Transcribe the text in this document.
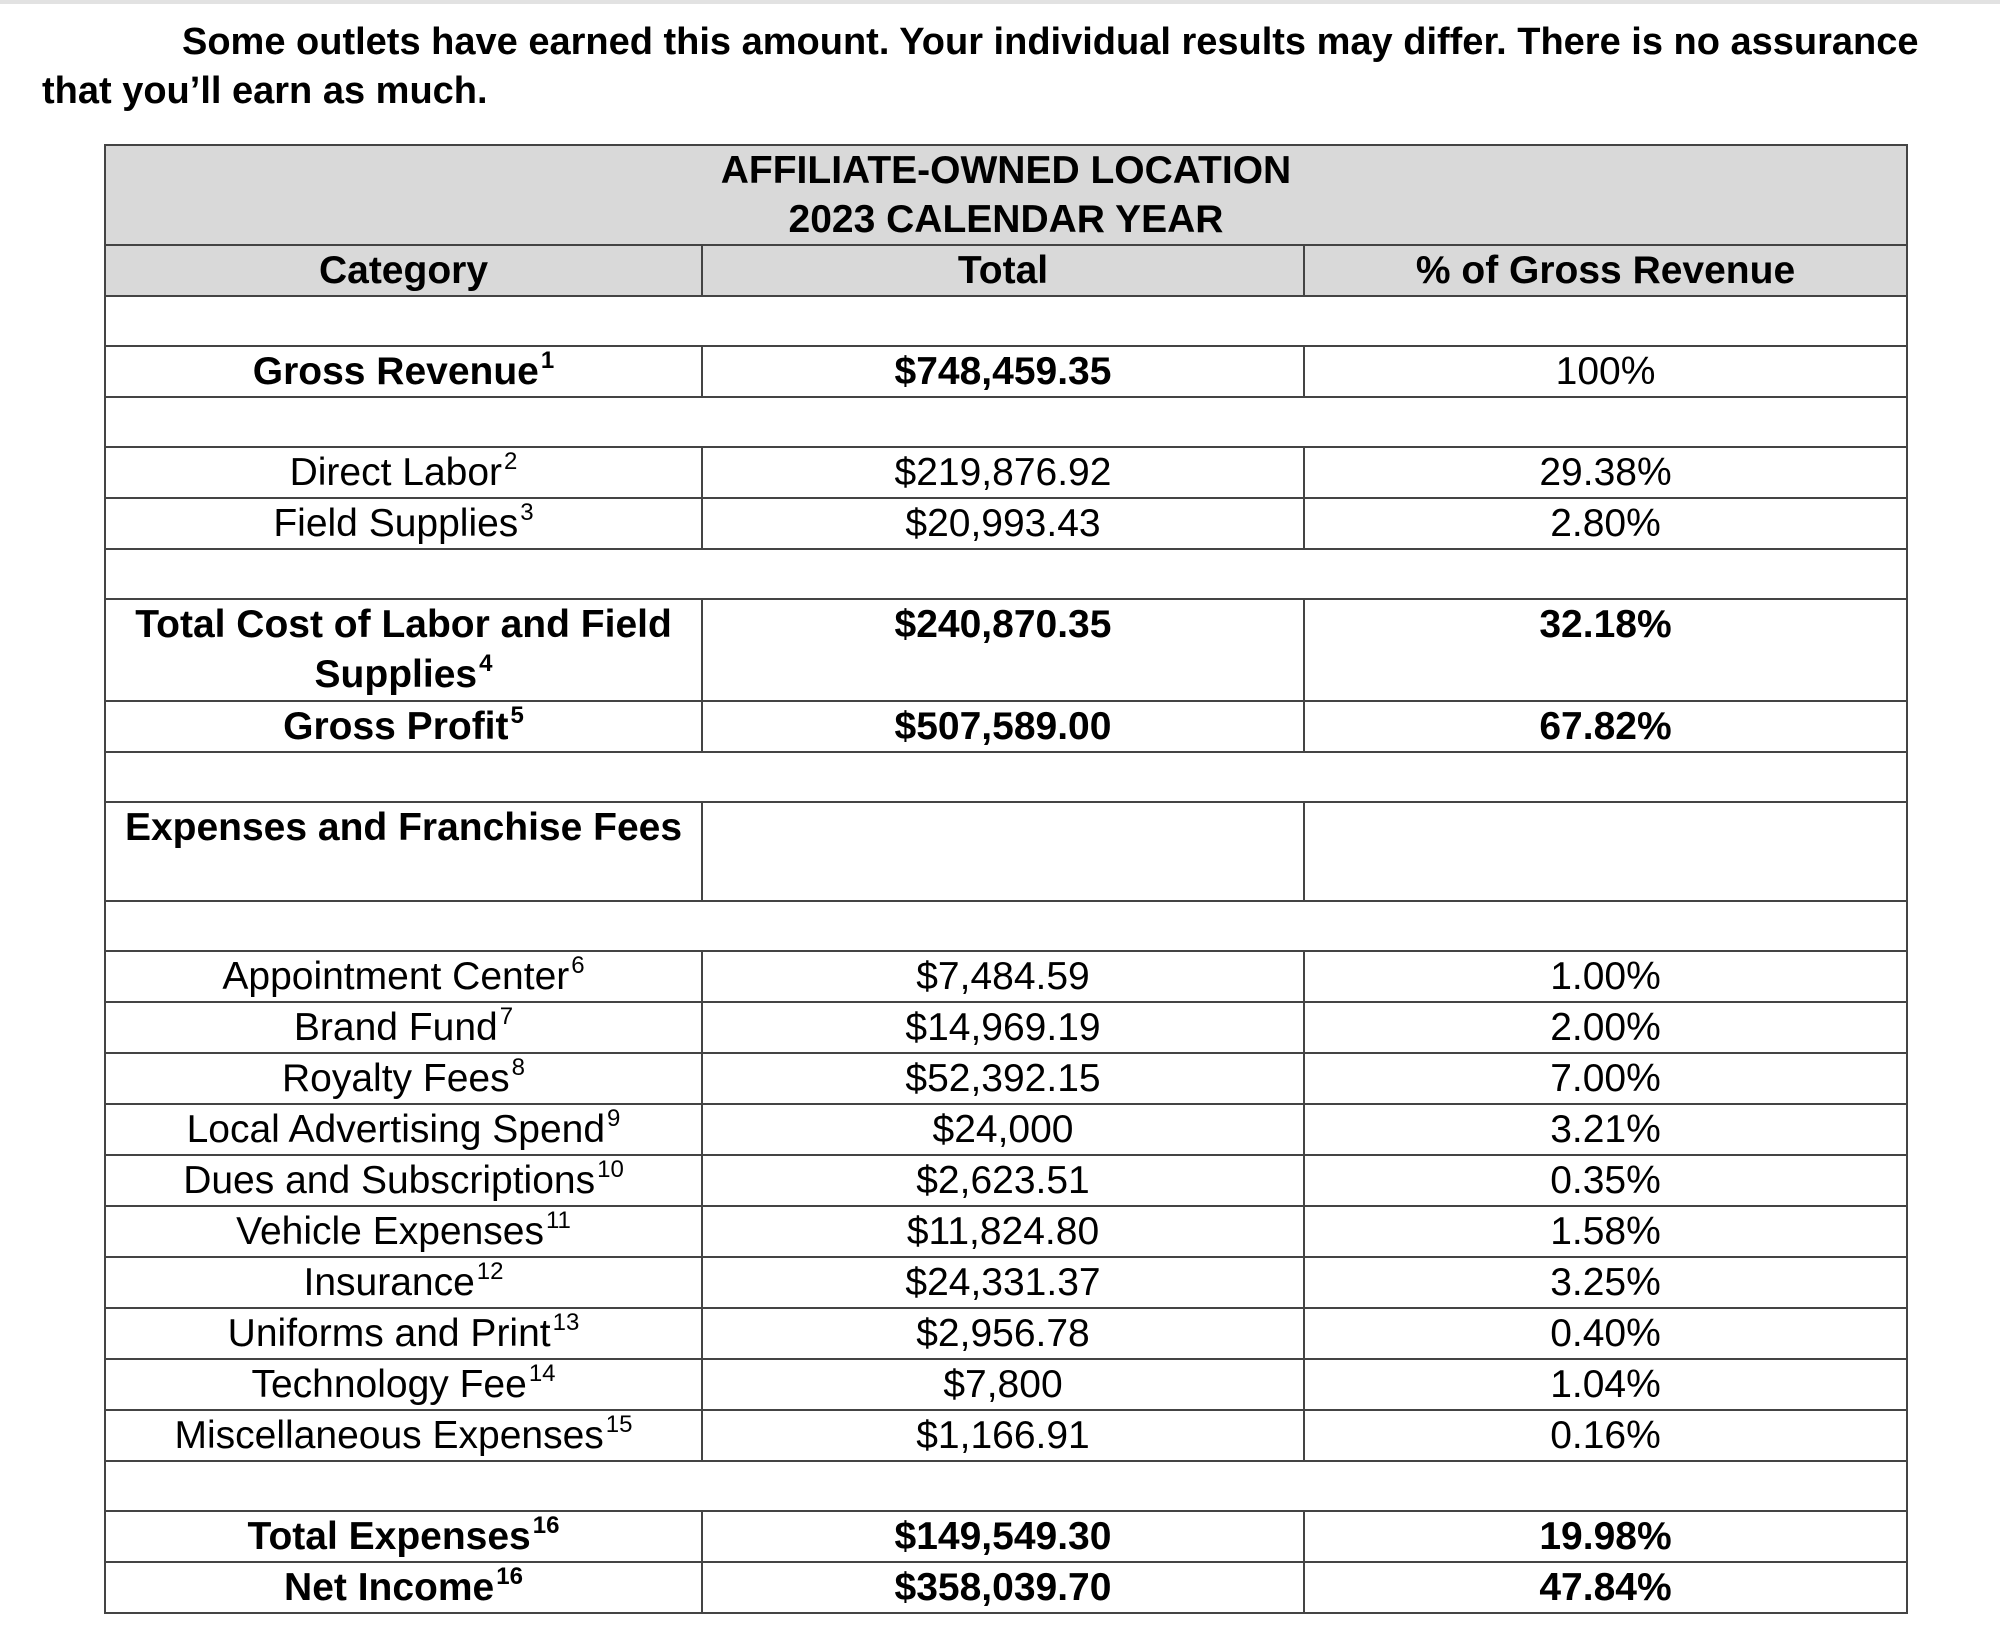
Some outlets have earned this amount. Your individual results may differ. There is no assurance that you’ll earn as much.

AFFILIATE-OWNED LOCATION
2023 CALENDAR YEAR		

Category	Total	% of Gross Revenue

Gross Revenue$^1$	$748,459.35	100%

Direct Labor$^2$	$219,876.92	29.38%
Field Supplies$^3$	$20,993.43	2.80%

Total Cost of Labor and Field Supplies$^4$	$240,870.35	32.18%
Gross Profit$^5$	$507,589.00	67.82%

Expenses and Franchise Fees		

Appointment Center$^6$	$7,484.59	1.00%
Brand Fund$^7$	$14,969.19	2.00%
Royalty Fees$^8$	$52,392.15	7.00%
Local Advertising Spend$^9$	$24,000	3.21%
Dues and Subscriptions$^{10}$	$2,623.51	0.35%
Vehicle Expenses$^{11}$	$11,824.80	1.58%
Insurance$^{12}$	$24,331.37	3.25%
Uniforms and Print$^{13}$	$2,956.78	0.40%
Technology Fee$^{14}$	$7,800	1.04%
Miscellaneous Expenses$^{15}$	$1,166.91	0.16%

Total Expenses$^{16}$	$149,549.30	19.98%
Net Income$^{16}$	$358,039.70	47.84%
